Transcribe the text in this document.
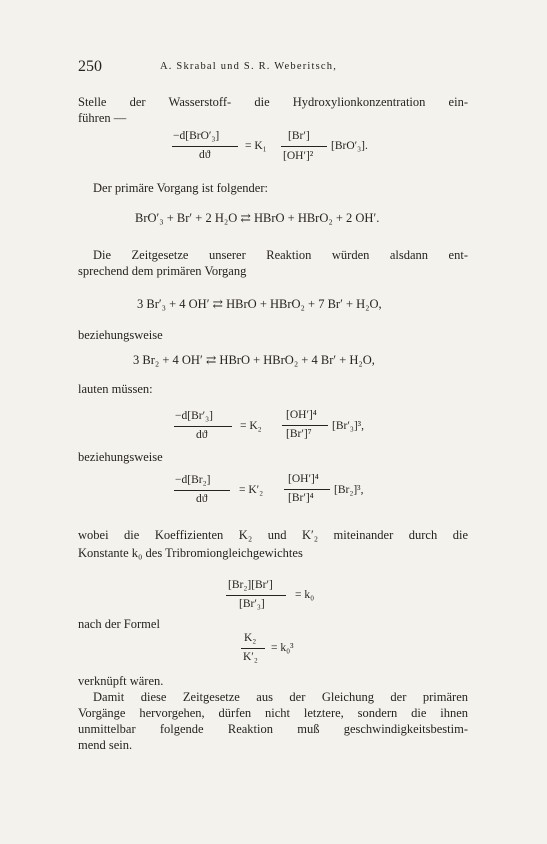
250	A. Skrabal und S. R. Weberitsch,
Stelle der Wasserstoff- die Hydroxylionkonzentration ein-
führen —
−d[BrO′₃]
dϑ
= K₁
[Br′]
[OH′]²
[BrO′₃].
Der primäre Vorgang ist folgender:
BrO′₃ + Br′ + 2 H₂O ⇄ HBrO + HBrO₂ + 2 OH′.
Die Zeitgesetze unserer Reaktion würden alsdann ent-
sprechend dem primären Vorgang
3 Br′₃ + 4 OH′ ⇄ HBrO + HBrO₂ + 7 Br′ + H₂O,
beziehungsweise
3 Br₂ + 4 OH′ ⇄ HBrO + HBrO₂ + 4 Br′ + H₂O,
lauten müssen:
−d[Br′₃]
dϑ
= K₂
[OH′]⁴
[Br′]⁷
[Br′₃]³,
beziehungsweise
−d[Br₂]
dϑ
= K′₂
[OH′]⁴
[Br′]⁴
[Br₂]³,
wobei die Koeffizienten K₂ und K′₂ miteinander durch die
Konstante k₀ des Tribromiongleichgewichtes
[Br₂][Br′]
[Br′₃]
= k₀
nach der Formel
K₂
K′₂
= k₀³
verknüpft wären.
Damit diese Zeitgesetze aus der Gleichung der primären
Vorgänge hervorgehen, dürfen nicht letztere, sondern die ihnen
unmittelbar folgende Reaktion muß geschwindigkeitsbestim-
mend sein.
